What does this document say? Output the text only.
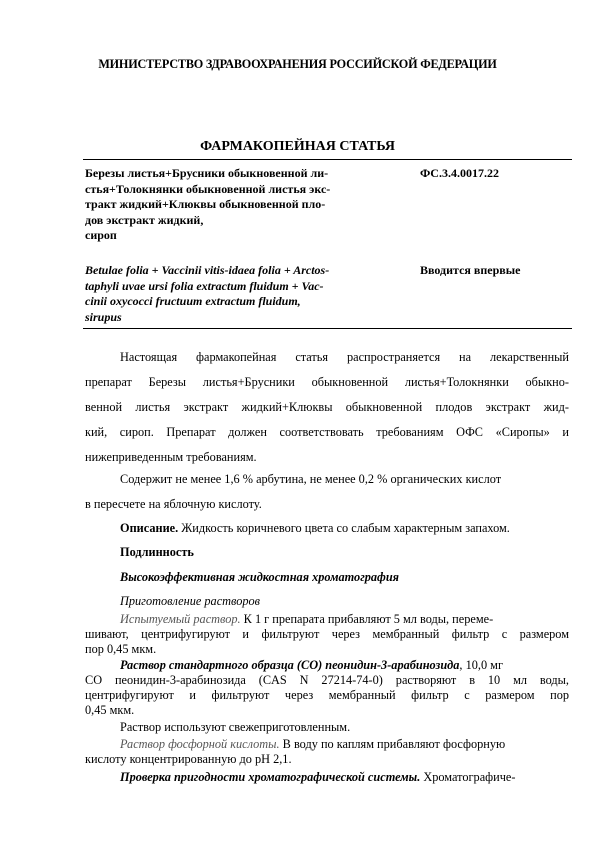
МИНИСТЕРСТВО ЗДРАВООХРАНЕНИЯ РОССИЙСКОЙ ФЕДЕРАЦИИ
ФАРМАКОПЕЙНАЯ СТАТЬЯ
Березы листья+Брусники обыкновенной ли-
стья+Толокнянки обыкновенной листья экс-
тракт жидкий+Клюквы обыкновенной пло-
дов экстракт жидкий,
сироп
ФС.3.4.0017.22
Betulae folia + Vaccinii vitis-idaea folia + Arctos-
taphyli uvae ursi folia extractum fluidum + Vac-
cinii oxycocci fructuum extractum fluidum,
sirupus
Вводится впервые
Настоящая фармакопейная статья распространяется на лекарственный
препарат Березы листья+Брусники обыкновенной листья+Толокнянки обыкно-
венной листья экстракт жидкий+Клюквы обыкновенной плодов экстракт жид-
кий, сироп. Препарат должен соответствовать требованиям ОФС «Сиропы» и
нижеприведенным требованиям.
Содержит не менее 1,6 % арбутина, не менее 0,2 % органических кислот
в пересчете на яблочную кислоту.
Описание. Жидкость коричневого цвета со слабым характерным запахом.
Подлинность
Высокоэффективная жидкостная хроматография
Приготовление растворов
Испытуемый раствор. К 1 г препарата прибавляют 5 мл воды, переме-
шивают, центрифугируют и фильтруют через мембранный фильтр с размером
пор 0,45 мкм.
Раствор стандартного образца (СО) пеонидин-3-арабинозида, 10,0 мг
СО пеонидин-3-арабинозида (CAS N 27214-74-0) растворяют в 10 мл воды,
центрифугируют и фильтруют через мембранный фильтр с размером пор
0,45 мкм.
Раствор используют свежеприготовленным.
Раствор фосфорной кислоты. В воду по каплям прибавляют фосфорную
кислоту концентрированную до pH 2,1.
Проверка пригодности хроматографической системы. Хроматографиче-
